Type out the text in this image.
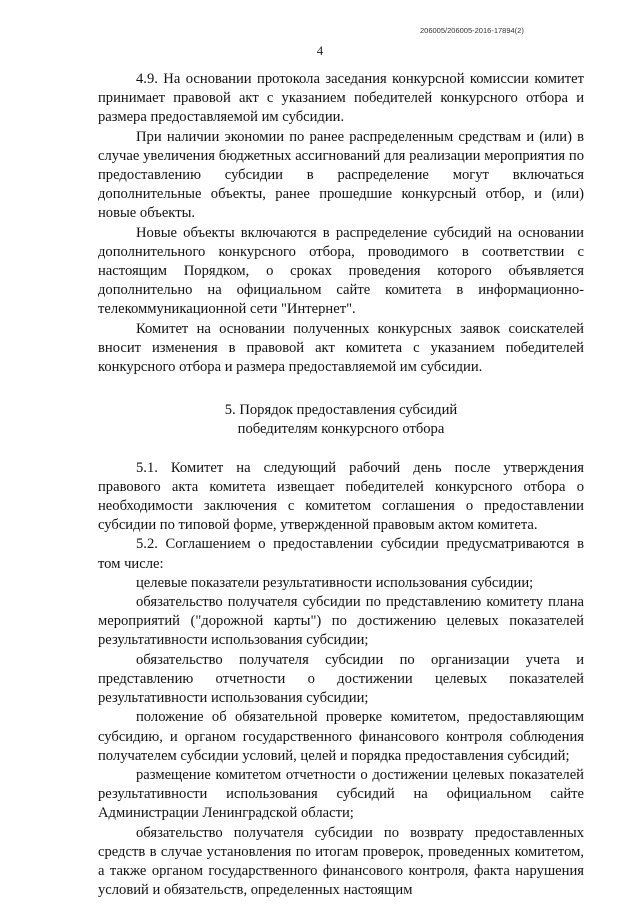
206005/206005-2016-17894(2)
4

4.9. На основании протокола заседания конкурсной комиссии комитет принимает правовой акт с указанием победителей конкурсного отбора и размера предоставляемой им субсидии.

При наличии экономии по ранее распределенным средствам и (или) в случае увеличения бюджетных ассигнований для реализации мероприятия по предоставлению субсидии в распределение могут включаться дополнительные объекты, ранее прошедшие конкурсный отбор, и (или) новые объекты.

Новые объекты включаются в распределение субсидий на основании дополнительного конкурсного отбора, проводимого в соответствии с настоящим Порядком, о сроках проведения которого объявляется дополнительно на официальном сайте комитета в информационно-телекоммуникационной сети "Интернет".

Комитет на основании полученных конкурсных заявок соискателей вносит изменения в правовой акт комитета с указанием победителей конкурсного отбора и размера предоставляемой им субсидии.

5. Порядок предоставления субсидий
победителям конкурсного отбора

5.1. Комитет на следующий рабочий день после утверждения правового акта комитета извещает победителей конкурсного отбора о необходимости заключения с комитетом соглашения о предоставлении субсидии по типовой форме, утвержденной правовым актом комитета.

5.2. Соглашением о предоставлении субсидии предусматриваются в том числе:

целевые показатели результативности использования субсидии;

обязательство получателя субсидии по представлению комитету плана мероприятий ("дорожной карты") по достижению целевых показателей результативности использования субсидии;

обязательство получателя субсидии по организации учета и представлению отчетности о достижении целевых показателей результативности использования субсидии;

положение об обязательной проверке комитетом, предоставляющим субсидию, и органом государственного финансового контроля соблюдения получателем субсидии условий, целей и порядка предоставления субсидий;

размещение комитетом отчетности о достижении целевых показателей результативности использования субсидий на официальном сайте Администрации Ленинградской области;

обязательство получателя субсидии по возврату предоставленных средств в случае установления по итогам проверок, проведенных комитетом, а также органом государственного финансового контроля, факта нарушения условий и обязательств, определенных настоящим
